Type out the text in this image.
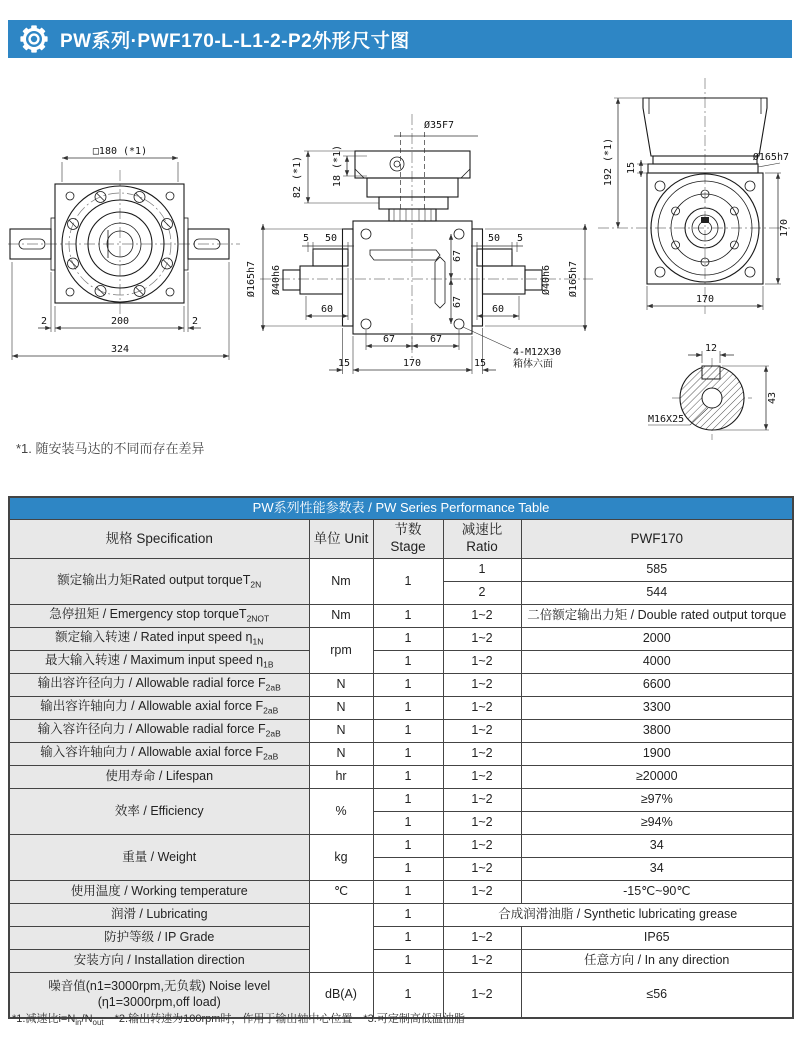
PW系列·PWF170-L-L1-2-P2外形尺寸图
□180 (*1)
2	200	2
324
Ø35F7
82 (*1)	18 (*1)
5 50	50 5
60	60
Ø40h6	Ø40h6
Ø165h7	Ø165h7
67
67
67	67
4-M12X30
箱体六面
15	170	15
15
Ø165h7
192 (*1)
170
170
12
43
M16X25
*1. 随安装马达的不同而存在差异
PW系列性能参数表 / PW Series Performance Table				
规格 Specification	单位 Unit	节数 Stage	减速比 Ratio	PWF170
额定输出力矩Rated output torqueT$_{2N}$	Nm	1	1	585
			2	544
急停扭矩 / Emergency stop torqueT$_{2NOT}$	Nm	1	1~2	二倍额定输出力矩 / Double rated output torque
额定输入转速 / Rated input speed $\eta_{1N}$	rpm	1	1~2	2000
最大输入转速 / Maximum input speed $\eta_{1B}$		1	1~2	4000
输出容许径向力 / Allowable radial force $F_{2aB}$	N	1	1~2	6600
输出容许轴向力 / Allowable axial force $F_{2aB}$	N	1	1~2	3300
输入容许径向力 / Allowable radial force $F_{2aB}$	N	1	1~2	3800
输入容许轴向力 / Allowable axial force $F_{2aB}$	N	1	1~2	1900
使用寿命 / Lifespan	hr	1	1~2	≥20000
效率 / Efficiency	%	1	1~2	≥97%
		1	1~2	≥94%
重量 / Weight	kg	1	1~2	34
		1	1~2	34
使用温度 / Working temperature	℃	1	1~2	-15℃~90℃
润滑 / Lubricating		1	合成润滑油脂 / Synthetic lubricating grease	
防护等级 / IP Grade		1	1~2	IP65
安装方向 / Installation direction		1	1~2	任意方向 / In any direction
噪音值(n1=3000rpm,无负载) Noise level
(η1=3000rpm,off load)	dB(A)	1	1~2	≤56
*1.减速比$i=N_{in}/N_{out}$　*2.输出转速为100rpm时，作用于输出轴中心位置　*3.可定制高低温油脂
